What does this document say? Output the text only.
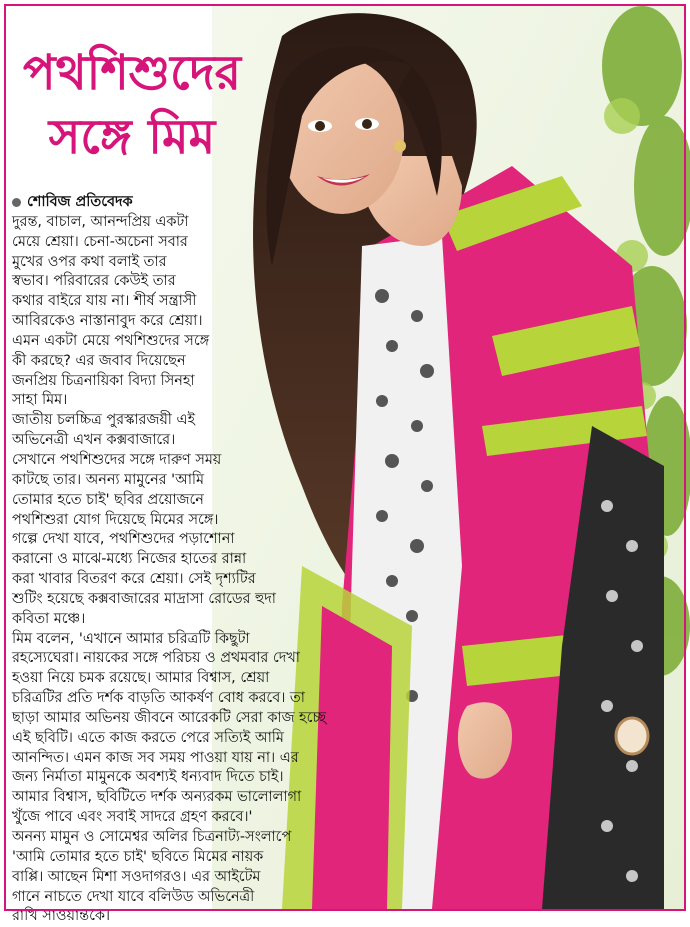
পথশিশুদের
সঙ্গে মিম
শোবিজ প্রতিবেদক
দুরন্ত, বাচাল, আনন্দপ্রিয় একটা
মেয়ে শ্রেয়া। চেনা-অচেনা সবার
মুখের ওপর কথা বলাই তার
স্বভাব। পরিবারের কেউই তার
কথার বাইরে যায় না। শীর্ষ সন্ত্রাসী
আবিরকেও নাস্তানাবুদ করে শ্রেয়া।
এমন একটা মেয়ে পথশিশুদের সঙ্গে
কী করছে? এর জবাব দিয়েছেন
জনপ্রিয় চিত্রনায়িকা বিদ্যা সিনহা
সাহা মিম।
জাতীয় চলচ্চিত্র পুরস্কারজয়ী এই
অভিনেত্রী এখন কক্সবাজারে।
সেখানে পথশিশুদের সঙ্গে দারুণ সময়
কাটছে তার। অনন্য মামুনের 'আমি
তোমার হতে চাই' ছবির প্রয়োজনে
পথশিশুরা যোগ দিয়েছে মিমের সঙ্গে।
গল্পে দেখা যাবে, পথশিশুদের পড়াশোনা
করানো ও মাঝে-মধ্যে নিজের হাতের রান্না
করা খাবার বিতরণ করে শ্রেয়া। সেই দৃশ্যটির
শুটিং হয়েছে কক্সবাজারের মাদ্রাসা রোডের হুদা
কবিতা মঞ্চে।
মিম বলেন, 'এখানে আমার চরিত্রটি কিছুটা
রহস্যেঘেরা। নায়কের সঙ্গে পরিচয় ও প্রথমবার দেখা
হওয়া নিয়ে চমক রয়েছে। আমার বিশ্বাস, শ্রেয়া
চরিত্রটির প্রতি দর্শক বাড়তি আকর্ষণ বোধ করবে। তা
ছাড়া আমার অভিনয় জীবনে আরেকটি সেরা কাজ হচ্ছে
এই ছবিটি। এতে কাজ করতে পেরে সত্যিই আমি
আনন্দিত। এমন কাজ সব সময় পাওয়া যায় না। এর
জন্য নির্মাতা মামুনকে অবশ্যই ধন্যবাদ দিতে চাই।
আমার বিশ্বাস, ছবিটিতে দর্শক অন্যরকম ভালোলাগা
খুঁজে পাবে এবং সবাই সাদরে গ্রহণ করবে।'
অনন্য মামুন ও সোমেশ্বর অলির চিত্রনাট্য-সংলাপে
'আমি তোমার হতে চাই' ছবিতে মিমের নায়ক
বাপ্পি। আছেন মিশা সওদাগরও। এর আইটেম
গানে নাচতে দেখা যাবে বলিউড অভিনেত্রী
রাখি সাওয়ান্তকে।
